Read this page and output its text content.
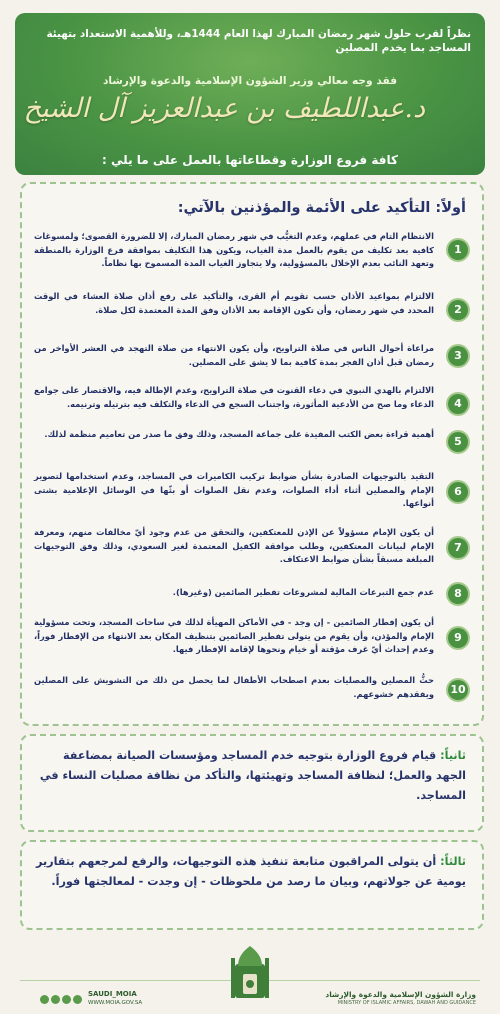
نظراً لقرب حلول شهر رمضان المبارك لهذا العام 1444هـ، وللأهمية الاستعداد بتهيئة المساجد بما يخدم المصلين
فقد وجه معالي وزير الشؤون الإسلامية والدعوة والإرشاد
د.عبداللطيف بن عبدالعزيز آل الشيخ
كافة فروع الوزارة وقطاعاتها بالعمل على ما يلي :
أولاً: التأكيد على الأئمة والمؤذنين بالآتي:
1
الانتظام التام في عملهم، وعدم التغيُّب في شهر رمضان المبارك، إلا للضرورة القصوى؛ ولمسوغات كافية بعد تكليف من يقوم بالعمل مدة الغياب، ويكون هذا التكليف بموافقة فرع الوزارة بالمنطقة وتعهد النائب بعدم الإخلال بالمسؤولية، ولا يتجاوز الغياب المدة المسموح بها نظاماً.
2
الالتزام بمواعيد الأذان حسب تقويم أم القرى، والتأكيد على رفع أذان صلاة العشاء في الوقت المحدد في شهر رمضان، وأن تكون الإقامة بعد الأذان وفق المدة المعتمدة لكل صلاة.
3
مراعاة أحوال الناس في صلاة التراويح، وأن يكون الانتهاء من صلاة التهجد في العشر الأواخر من رمضان قبل أذان الفجر بمدة كافية بما لا يشق على المصلين.
4
الالتزام بالهدي النبوي في دعاء القنوت في صلاة التراويح، وعدم الإطالة فيه، والاقتصار على جوامع الدعاء وما صح من الأدعية المأثورة، واجتناب السجع في الدعاء والتكلف فيه بترتيله وترنيمه.
5
أهمية قراءة بعض الكتب المفيدة على جماعة المسجد، وذلك وفق ما صدر من تعاميم منظمة لذلك.
6
التقيد بالتوجيهات الصادرة بشأن ضوابط تركيب الكاميرات في المساجد، وعدم استخدامها لتصوير الإمام والمصلين أثناء أداء الصلوات، وعدم نقل الصلوات أو بثّها في الوسائل الإعلامية بشتى أنواعها.
7
أن يكون الإمام مسؤولاً عن الإذن للمعتكفين، والتحقق من عدم وجود أيّ مخالفات منهم، ومعرفة الإمام لبيانات المعتكفين، وطلب موافقة الكفيل المعتمدة لغير السعودي، وذلك وفق التوجيهات المبلغة مسبقاً بشأن ضوابط الاعتكاف.
8
عدم جمع التبرعات المالية لمشروعات تفطير الصائمين (وغيرها).
9
أن يكون إفطار الصائمين - إن وجد - في الأماكن المهيأة لذلك في ساحات المسجد، وتحت مسؤولية الإمام والمؤذن، وأن يقوم من يتولى تفطير الصائمين بتنظيف المكان بعد الانتهاء من الإفطار فوراً، وعدم إحداث أيّ غرف مؤقتة أو خيام ونحوها لإقامة الإفطار فيها.
10
حثُّ المصلين والمصليات بعدم اصطحاب الأطفال لما يحصل من ذلك من التشويش على المصلين ويفقدهم خشوعهم.
ثانياً: قيام فروع الوزارة بتوجيه خدم المساجد ومؤسسات الصيانة بمضاعفة الجهد والعمل؛ لنظافة المساجد وتهيئتها، والتأكد من نظافة مصليات النساء في المساجد.
ثالثاً: أن يتولى المراقبون متابعة تنفيذ هذه التوجيهات، والرفع لمرجعهم بتقارير يومية عن جولاتهم، وبيان ما رصد من ملحوظات - إن وجدت - لمعالجتها فوراً.
وزارة الشؤون الإسلامية والدعوة والإرشاد
MINISTRY OF ISLAMIC AFFAIRS, DAWAH AND GUIDANCE
SAUDI_MOIA
WWW.MOIA.GOV.SA
